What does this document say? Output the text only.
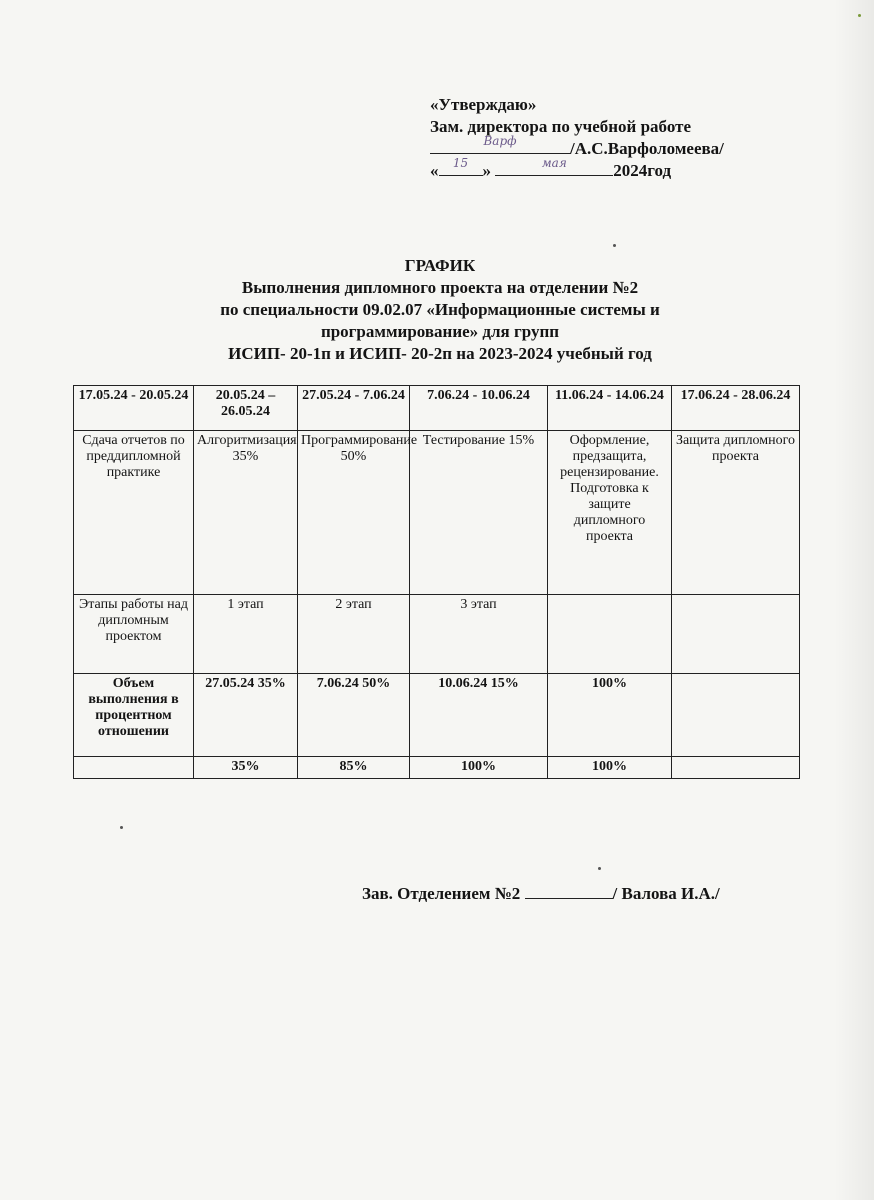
«Утверждаю»
Зам. директора по учебной работе
Варф	/А.С.Варфоломеева/
« 15 »	мая	2024год
ГРАФИК
Выполнения дипломного проекта на отделении №2
по специальности 09.02.07 «Информационные системы и
программирование» для групп
ИСИП- 20-1п и ИСИП- 20-2п на 2023-2024 учебный год
17.05.24 - 20.05.24	20.05.24 – 26.05.24	27.05.24 - 7.06.24	7.06.24 - 10.06.24	11.06.24 - 14.06.24	17.06.24 - 28.06.24
Сдача отчетов по преддипломной практике	Алгоритмизация 35%	Программирование 50%	Тестирование 15%	Оформление, предзащита, рецензирование. Подготовка к защите дипломного проекта	Защита дипломного проекта
Этапы работы над дипломным проектом	1 этап	2 этап	3 этап		
Объем выполнения в процентном отношении	27.05.24 35%	7.06.24 50%	10.06.24 15%	100%	
	35%	85%	100%	100%	
Зав. Отделением №2	/ Валова И.А./
